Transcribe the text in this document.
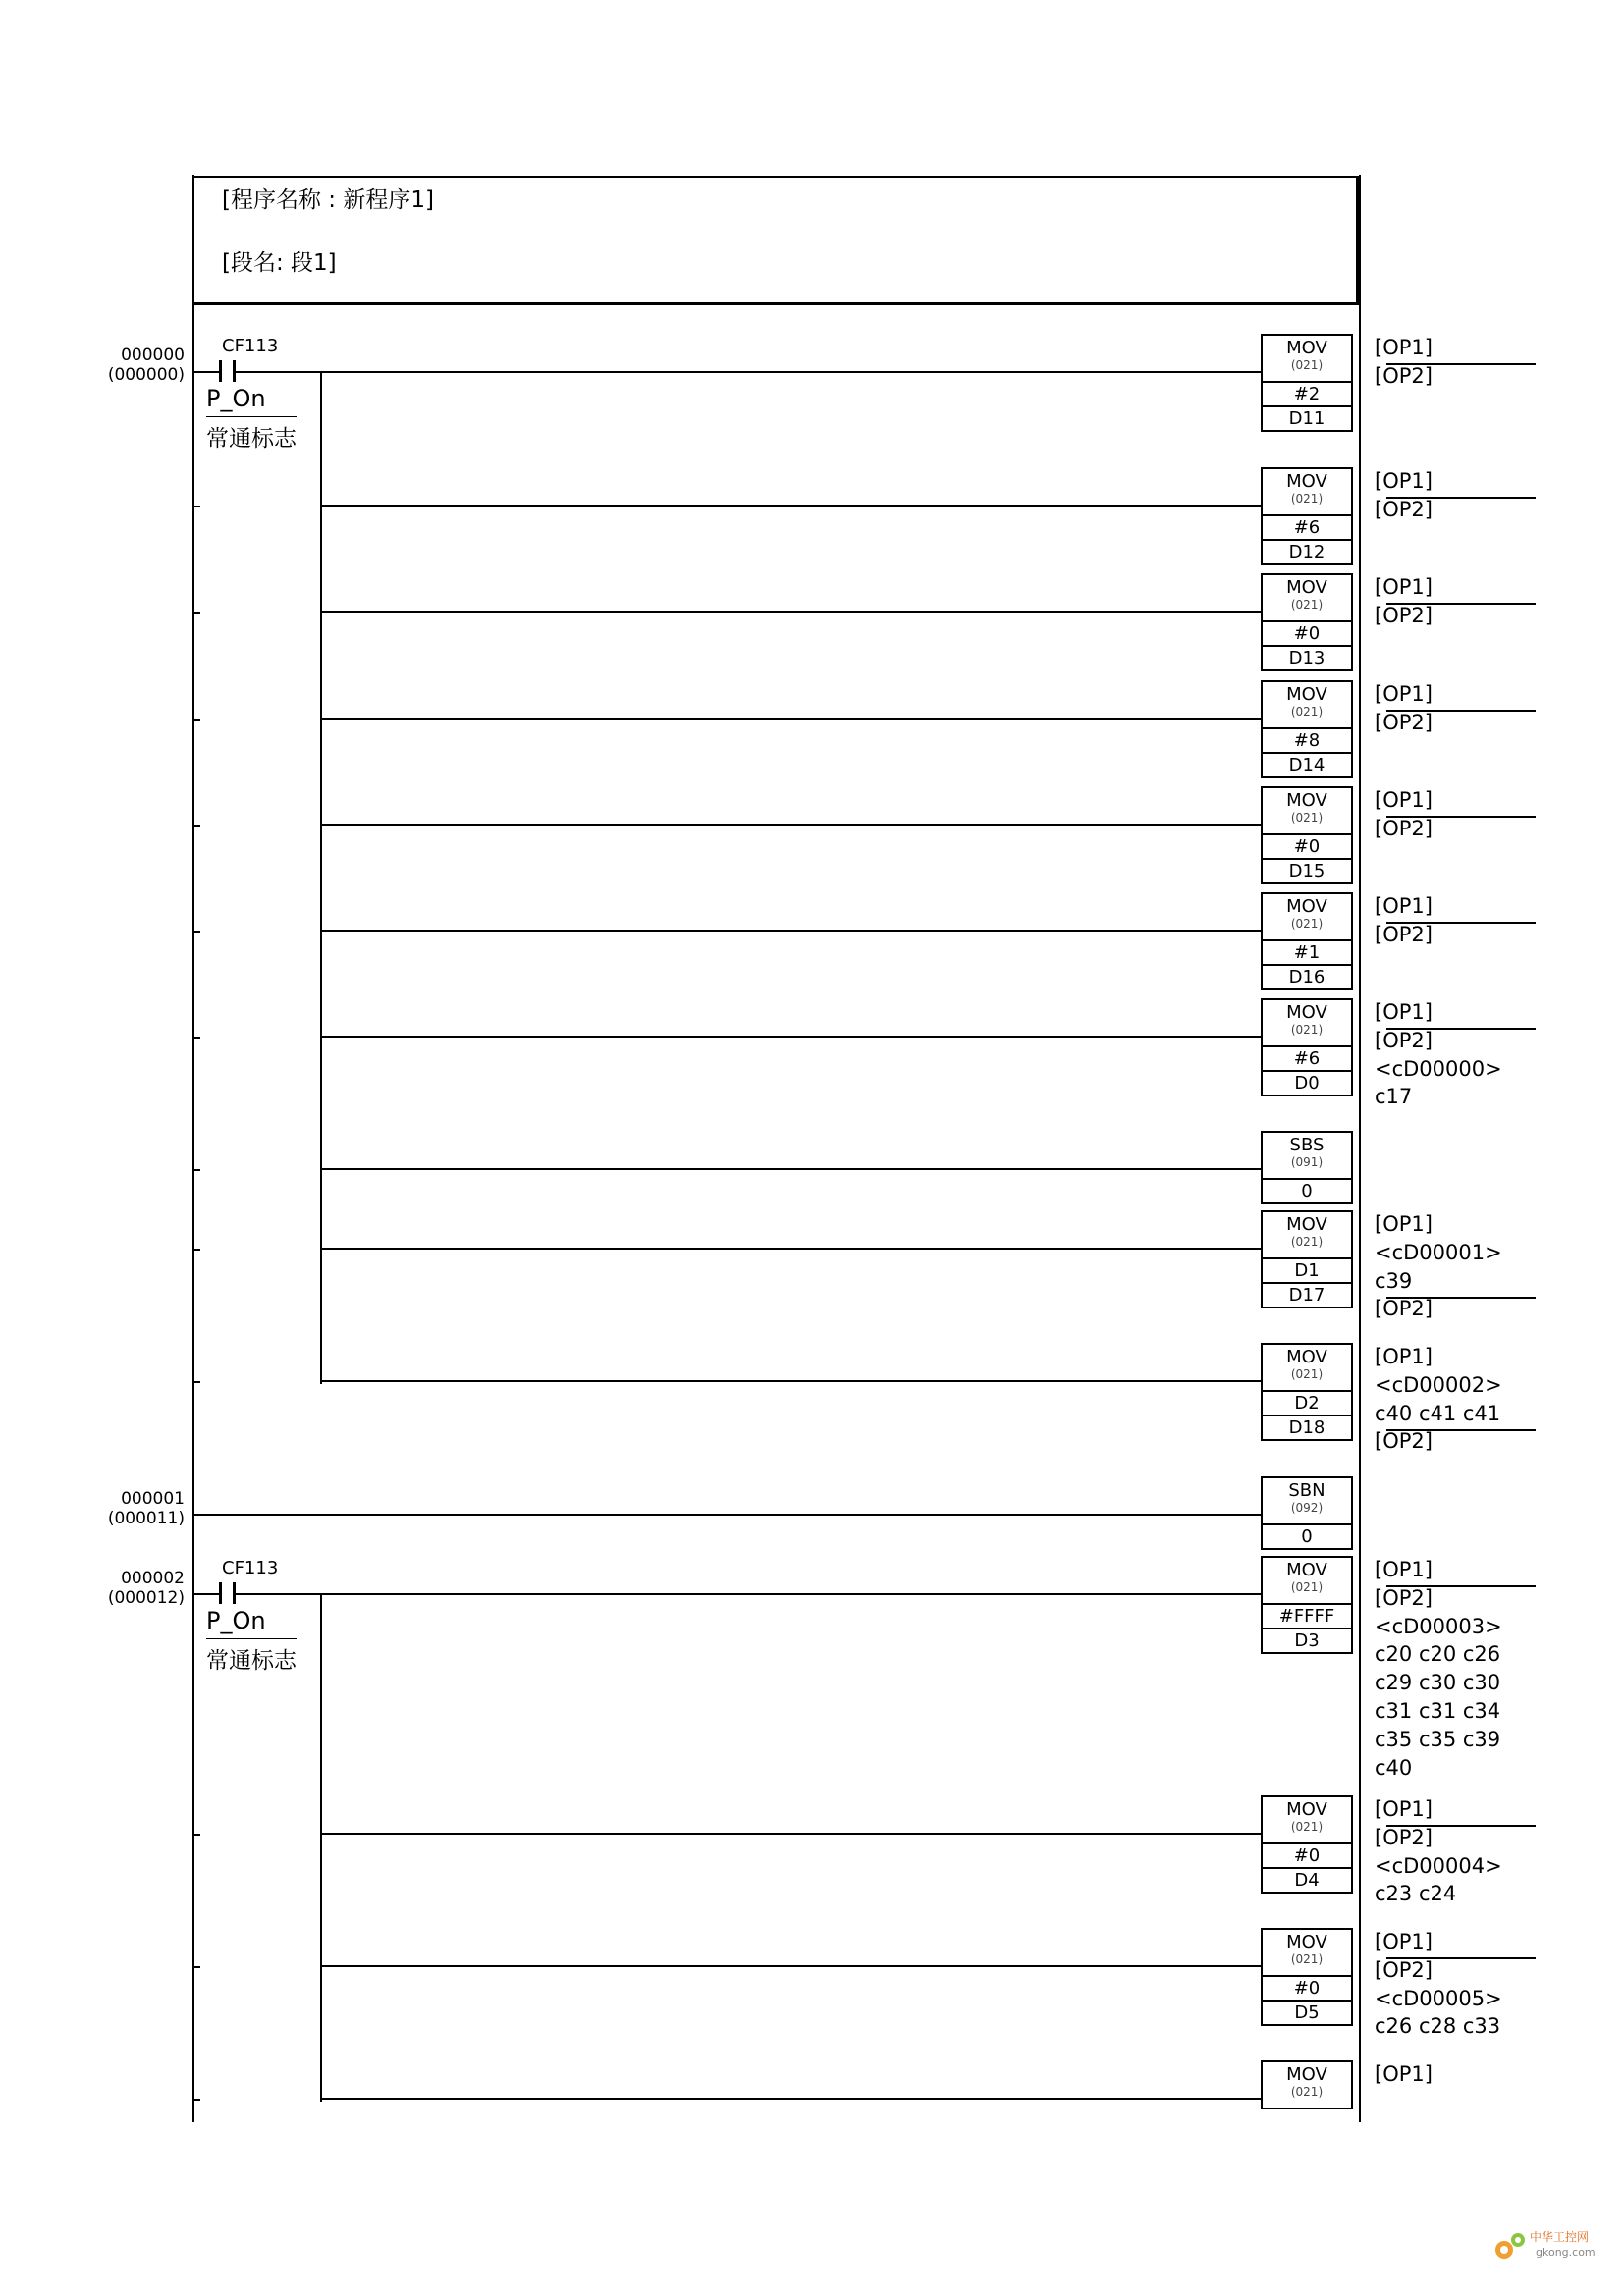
[程序名称 : 新程序1]
[段名: 段1]
000000
(000000)
000001
(000011)
000002
(000012)
CF113
P_On
常通标志
CF113
P_On
常通标志
MOV
(021)
#2
D11
MOV
(021)
#6
D12
MOV
(021)
#0
D13
MOV
(021)
#8
D14
MOV
(021)
#0
D15
MOV
(021)
#1
D16
MOV
(021)
#6
D0
SBS
(091)
0
MOV
(021)
D1
D17
MOV
(021)
D2
D18
SBN
(092)
0
MOV
(021)
#FFFF
D3
MOV
(021)
#0
D4
MOV
(021)
#0
D5
MOV
(021)
[OP1]
[OP2]
[OP1]
[OP2]
[OP1]
[OP2]
[OP1]
[OP2]
[OP1]
[OP2]
[OP1]
[OP2]
[OP1]
[OP2]
<cD00000>
c17
[OP1]
<cD00001>
c39
[OP2]
[OP1]
<cD00002>
c40 c41 c41
[OP2]
[OP1]
[OP2]
<cD00003>
c20 c20 c26
c29 c30 c30
c31 c31 c34
c35 c35 c39
c40
[OP1]
[OP2]
<cD00004>
c23 c24
[OP1]
[OP2]
<cD00005>
c26 c28 c33
[OP1]
中华工控网
gkong.com
